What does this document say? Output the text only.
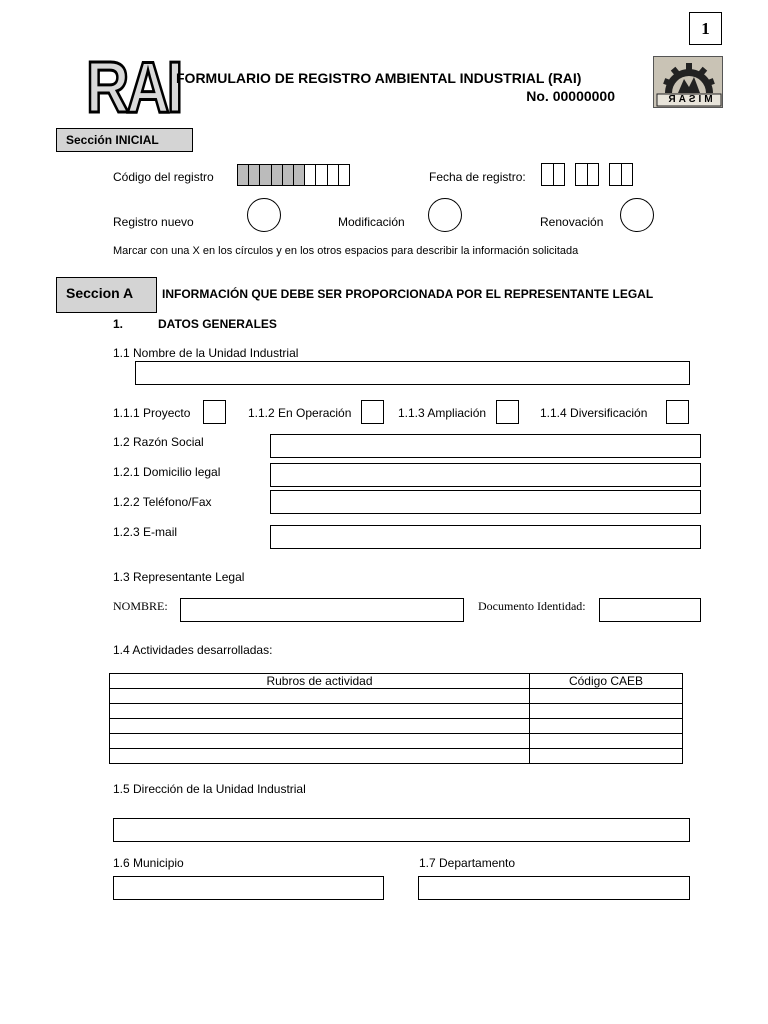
1
RAI
FORMULARIO DE REGISTRO AMBIENTAL INDUSTRIAL (RAI)
No. 00000000	MISAR
Sección INICIAL
Código del registro	Fecha de registro:
Registro nuevo	Modificación	Renovación
Marcar con una X en los círculos y en los otros espacios para describir la información solicitada
Seccion A INFORMACIÓN QUE DEBE SER PROPORCIONADA POR EL REPRESENTANTE LEGAL
1.	DATOS GENERALES
1.1 Nombre de la Unidad Industrial
1.1.1 Proyecto	1.1.2 En Operación	1.1.3 Ampliación	1.1.4 Diversificación
1.2 Razón Social
1.2.1 Domicilio legal
1.2.2 Teléfono/Fax
1.2.3 E-mail
1.3 Representante Legal
NOMBRE:	Documento Identidad:
1.4 Actividades desarrolladas:
Rubros de actividad	Código CAEB

1.5 Dirección de la Unidad Industrial
1.6 Municipio	1.7 Departamento
